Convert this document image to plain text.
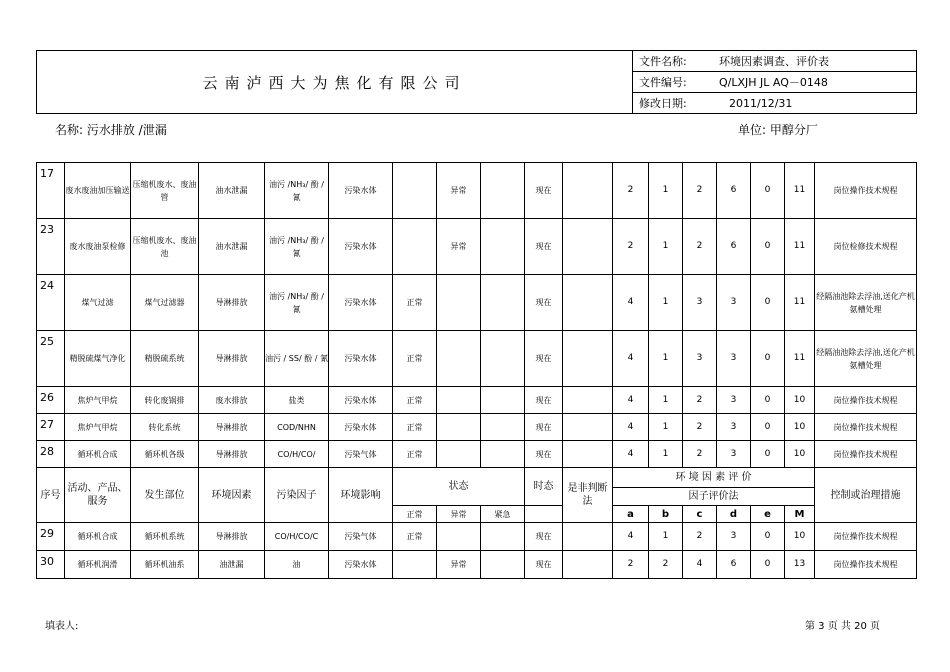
云南泸西大为焦化有限公司	文件名称:	环境因素调查、评价表
文件编号:	Q/LXJH JL AQ－0148
修改日期:	2011/12/31
名称: 污水排放 /泄漏	单位: 甲醇分厂
17	废水废油加压输送	压缩机废水、废油管	油水泄漏	油污 /NH₃/ 酚 / 氰	污染水体		异常		现在		2	1	2	6	0	11	岗位操作技术规程
23	废水废油泵检修	压缩机废水、废油池	油水泄漏	油污 /NH₃/ 酚 / 氰	污染水体		异常		现在		2	1	2	6	0	11	岗位检修技术规程
24	煤气过滤	煤气过滤器	导淋排放	油污 /NH₃/ 酚 / 氰	污染水体	正常			现在		4	1	3	3	0	11	经隔油池除去浮油,送化产机氨槽处理
25	精脱硫煤气净化	精脱硫系统	导淋排放	油污 / SS/ 酚 / 氰	污染水体	正常			现在		4	1	3	3	0	11	经隔油池除去浮油,送化产机氨槽处理
26	焦炉气甲烷	转化废锅排	废水排放	盐类	污染水体	正常			现在		4	1	2	3	0	10	岗位操作技术规程
27	焦炉气甲烷	转化系统	导淋排放	COD/NHN	污染水体	正常			现在		4	1	2	3	0	10	岗位操作技术规程
28	循环机合成	循环机各级	导淋排放	CO/H/CO/	污染气体	正常			现在		4	1	2	3	0	10	岗位操作技术规程
序号	活动、产品、服务	发生部位	环境因素	污染因子	环境影响	状态			时态	是非判断法	环 境 因 素 评 价						控制或治理措施
											因子评价法						
						正常	异常	紧急			a	b	c	d	e	M	
29	循环机合成	循环机系统	导淋排放	CO/H/CO/C	污染气体	正常			现在		4	1	2	3	0	10	岗位操作技术规程
30	循环机润滑	循环机油系	油泄漏	油	污染水体		异常		现在		2	2	4	6	0	13	岗位操作技术规程
填表人:	第 3 页 共 20 页
